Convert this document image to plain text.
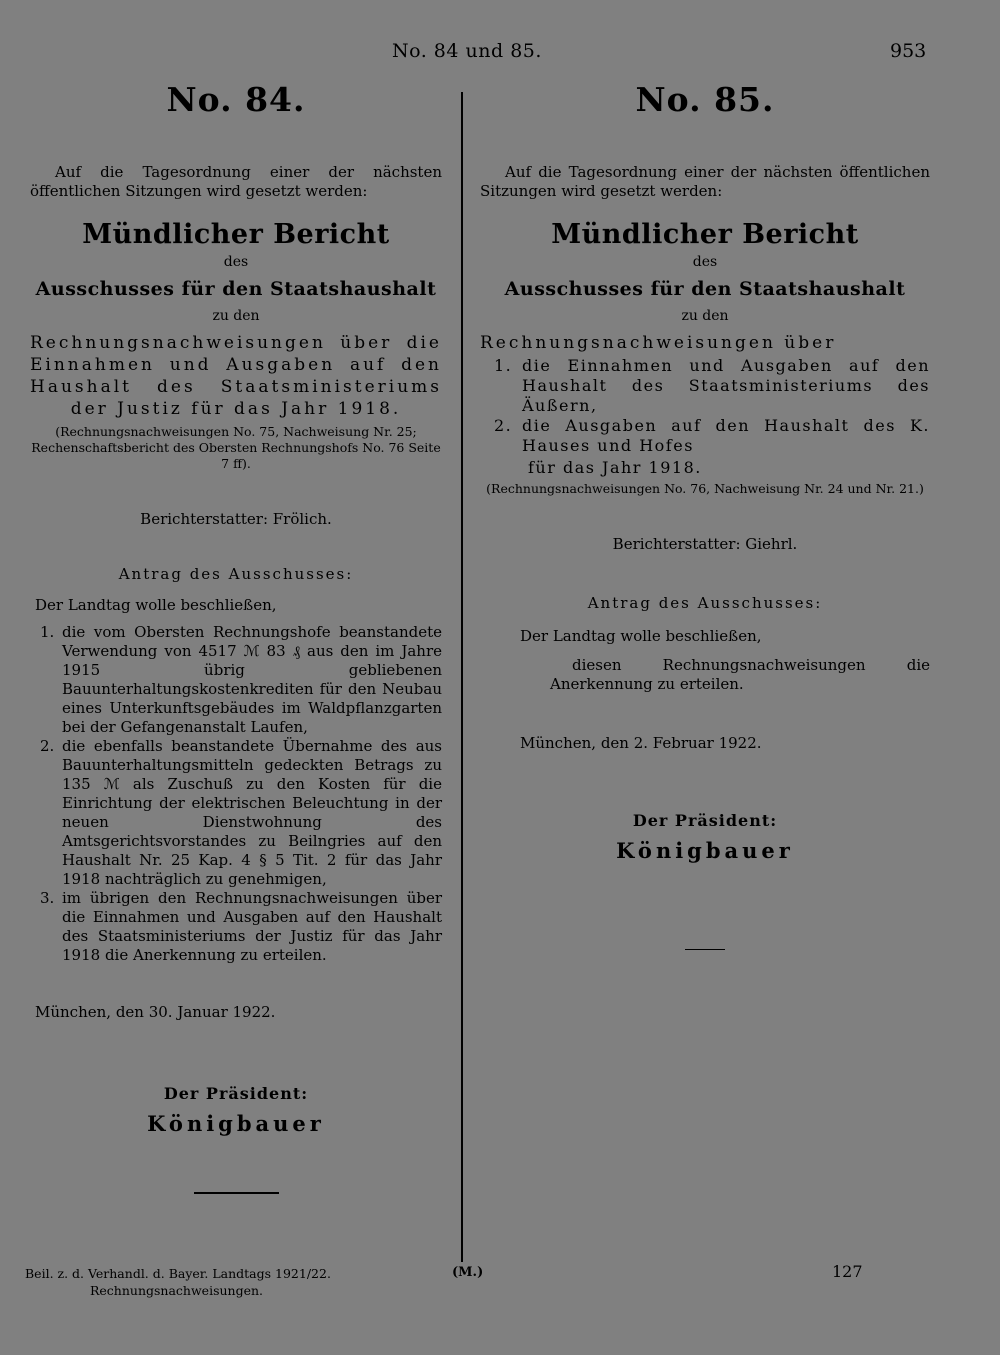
No. 84 und 85.	953
No. 84.

Auf die Tagesordnung einer der nächsten öffentlichen Sitzungen wird gesetzt werden:

Mündlicher Bericht

des

Ausschusses für den Staatshaushalt

zu den

Rechnungsnachweisungen über die Einnahmen und Ausgaben auf den Haushalt des Staatsministeriums der Justiz für das Jahr 1918.

(Rechnungsnachweisungen No. 75, Nachweisung Nr. 25; Rechenschaftsbericht des Obersten Rechnungshofs No. 76 Seite 7 ff).

Berichterstatter: Frölich.

Antrag des Ausschusses:

Der Landtag wolle beschließen,

1. die vom Obersten Rechnungshofe beanstandete Verwendung von 4517 ℳ 83 ₰ aus den im Jahre 1915 übrig gebliebenen Bauunterhaltungskostenkrediten für den Neubau eines Unterkunftsgebäudes im Waldpflanzgarten bei der Gefangenanstalt Laufen,
2. die ebenfalls beanstandete Übernahme des aus Bauunterhaltungsmitteln gedeckten Betrags zu 135 ℳ als Zuschuß zu den Kosten für die Einrichtung der elektrischen Beleuchtung in der neuen Dienstwohnung des Amtsgerichtsvorstandes zu Beilngries auf den Haushalt Nr. 25 Kap. 4 § 5 Tit. 2 für das Jahr 1918 nachträglich zu genehmigen,
3. im übrigen den Rechnungsnachweisungen über die Einnahmen und Ausgaben auf den Haushalt des Staatsministeriums der Justiz für das Jahr 1918 die Anerkennung zu erteilen.

München, den 30. Januar 1922.

Der Präsident:

Königbauer

No. 85.

Auf die Tagesordnung einer der nächsten öffentlichen Sitzungen wird gesetzt werden:

Mündlicher Bericht

des

Ausschusses für den Staatshaushalt

zu den

Rechnungsnachweisungen über

1. die Einnahmen und Ausgaben auf den Haushalt des Staatsministeriums des Äußern,
2. die Ausgaben auf den Haushalt des K. Hauses und Hofes

für das Jahr 1918.

(Rechnungsnachweisungen No. 76, Nachweisung Nr. 24 und Nr. 21.)

Berichterstatter: Giehrl.

Antrag des Ausschusses:

Der Landtag wolle beschließen,

diesen Rechnungsnachweisungen die Anerkennung zu erteilen.

München, den 2. Februar 1922.

Der Präsident:

Königbauer

Beil. z. d. Verhandl. d. Bayer. Landtags 1921/22.
Rechnungsnachweisungen.
(M.)	127
